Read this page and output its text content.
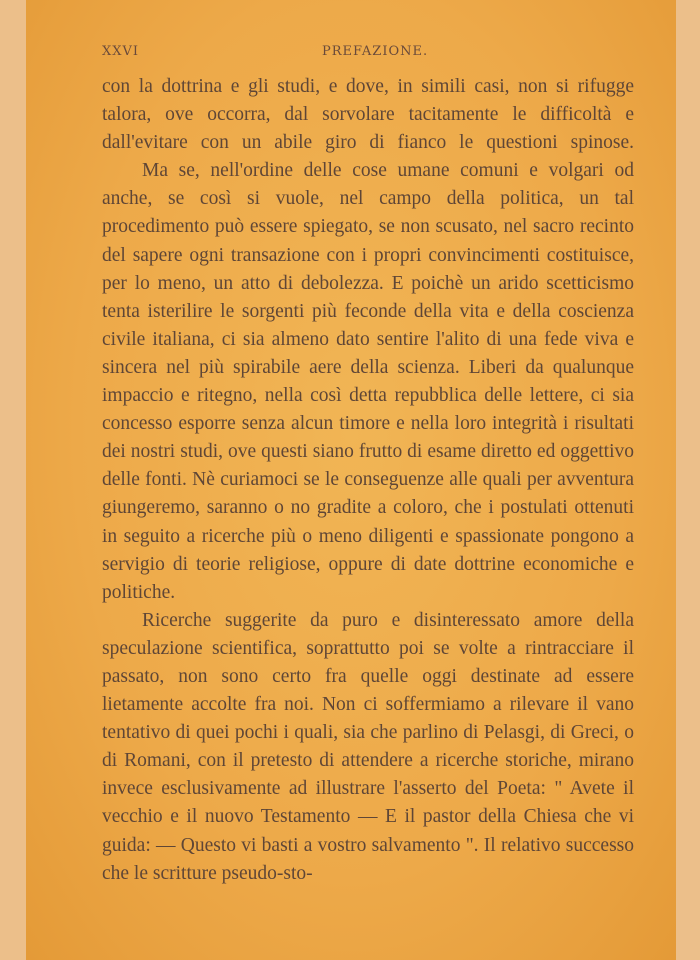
XXVI	PREFAZIONE.

con la dottrina e gli studi, e dove, in simili casi, non si rifugge talora, ove occorra, dal sorvolare tacitamente le difficoltà e dall'evitare con un abile giro di fianco le questioni spinose.

Ma se, nell'ordine delle cose umane comuni e volgari od anche, se così si vuole, nel campo della politica, un tal procedimento può essere spiegato, se non scusato, nel sacro recinto del sapere ogni transazione con i propri convincimenti costituisce, per lo meno, un atto di debolezza. E poichè un arido scetticismo tenta isterilire le sorgenti più feconde della vita e della coscienza civile italiana, ci sia almeno dato sentire l'alito di una fede viva e sincera nel più spirabile aere della scienza. Liberi da qualunque impaccio e ritegno, nella così detta repubblica delle lettere, ci sia concesso esporre senza alcun timore e nella loro integrità i risultati dei nostri studi, ove questi siano frutto di esame diretto ed oggettivo delle fonti. Nè curiamoci se le conseguenze alle quali per avventura giungeremo, saranno o no gradite a coloro, che i postulati ottenuti in seguito a ricerche più o meno diligenti e spassionate pongono a servigio di teorie religiose, oppure di date dottrine economiche e politiche.

Ricerche suggerite da puro e disinteressato amore della speculazione scientifica, soprattutto poi se volte a rintracciare il passato, non sono certo fra quelle oggi destinate ad essere lietamente accolte fra noi. Non ci soffermiamo a rilevare il vano tentativo di quei pochi i quali, sia che parlino di Pelasgi, di Greci, o di Romani, con il pretesto di attendere a ricerche storiche, mirano invece esclusivamente ad illustrare l'asserto del Poeta: " Avete il vecchio e il nuovo Testamento — E il pastor della Chiesa che vi guida: — Questo vi basti a vostro salvamento ". Il relativo successo che le scritture pseudo-sto-
